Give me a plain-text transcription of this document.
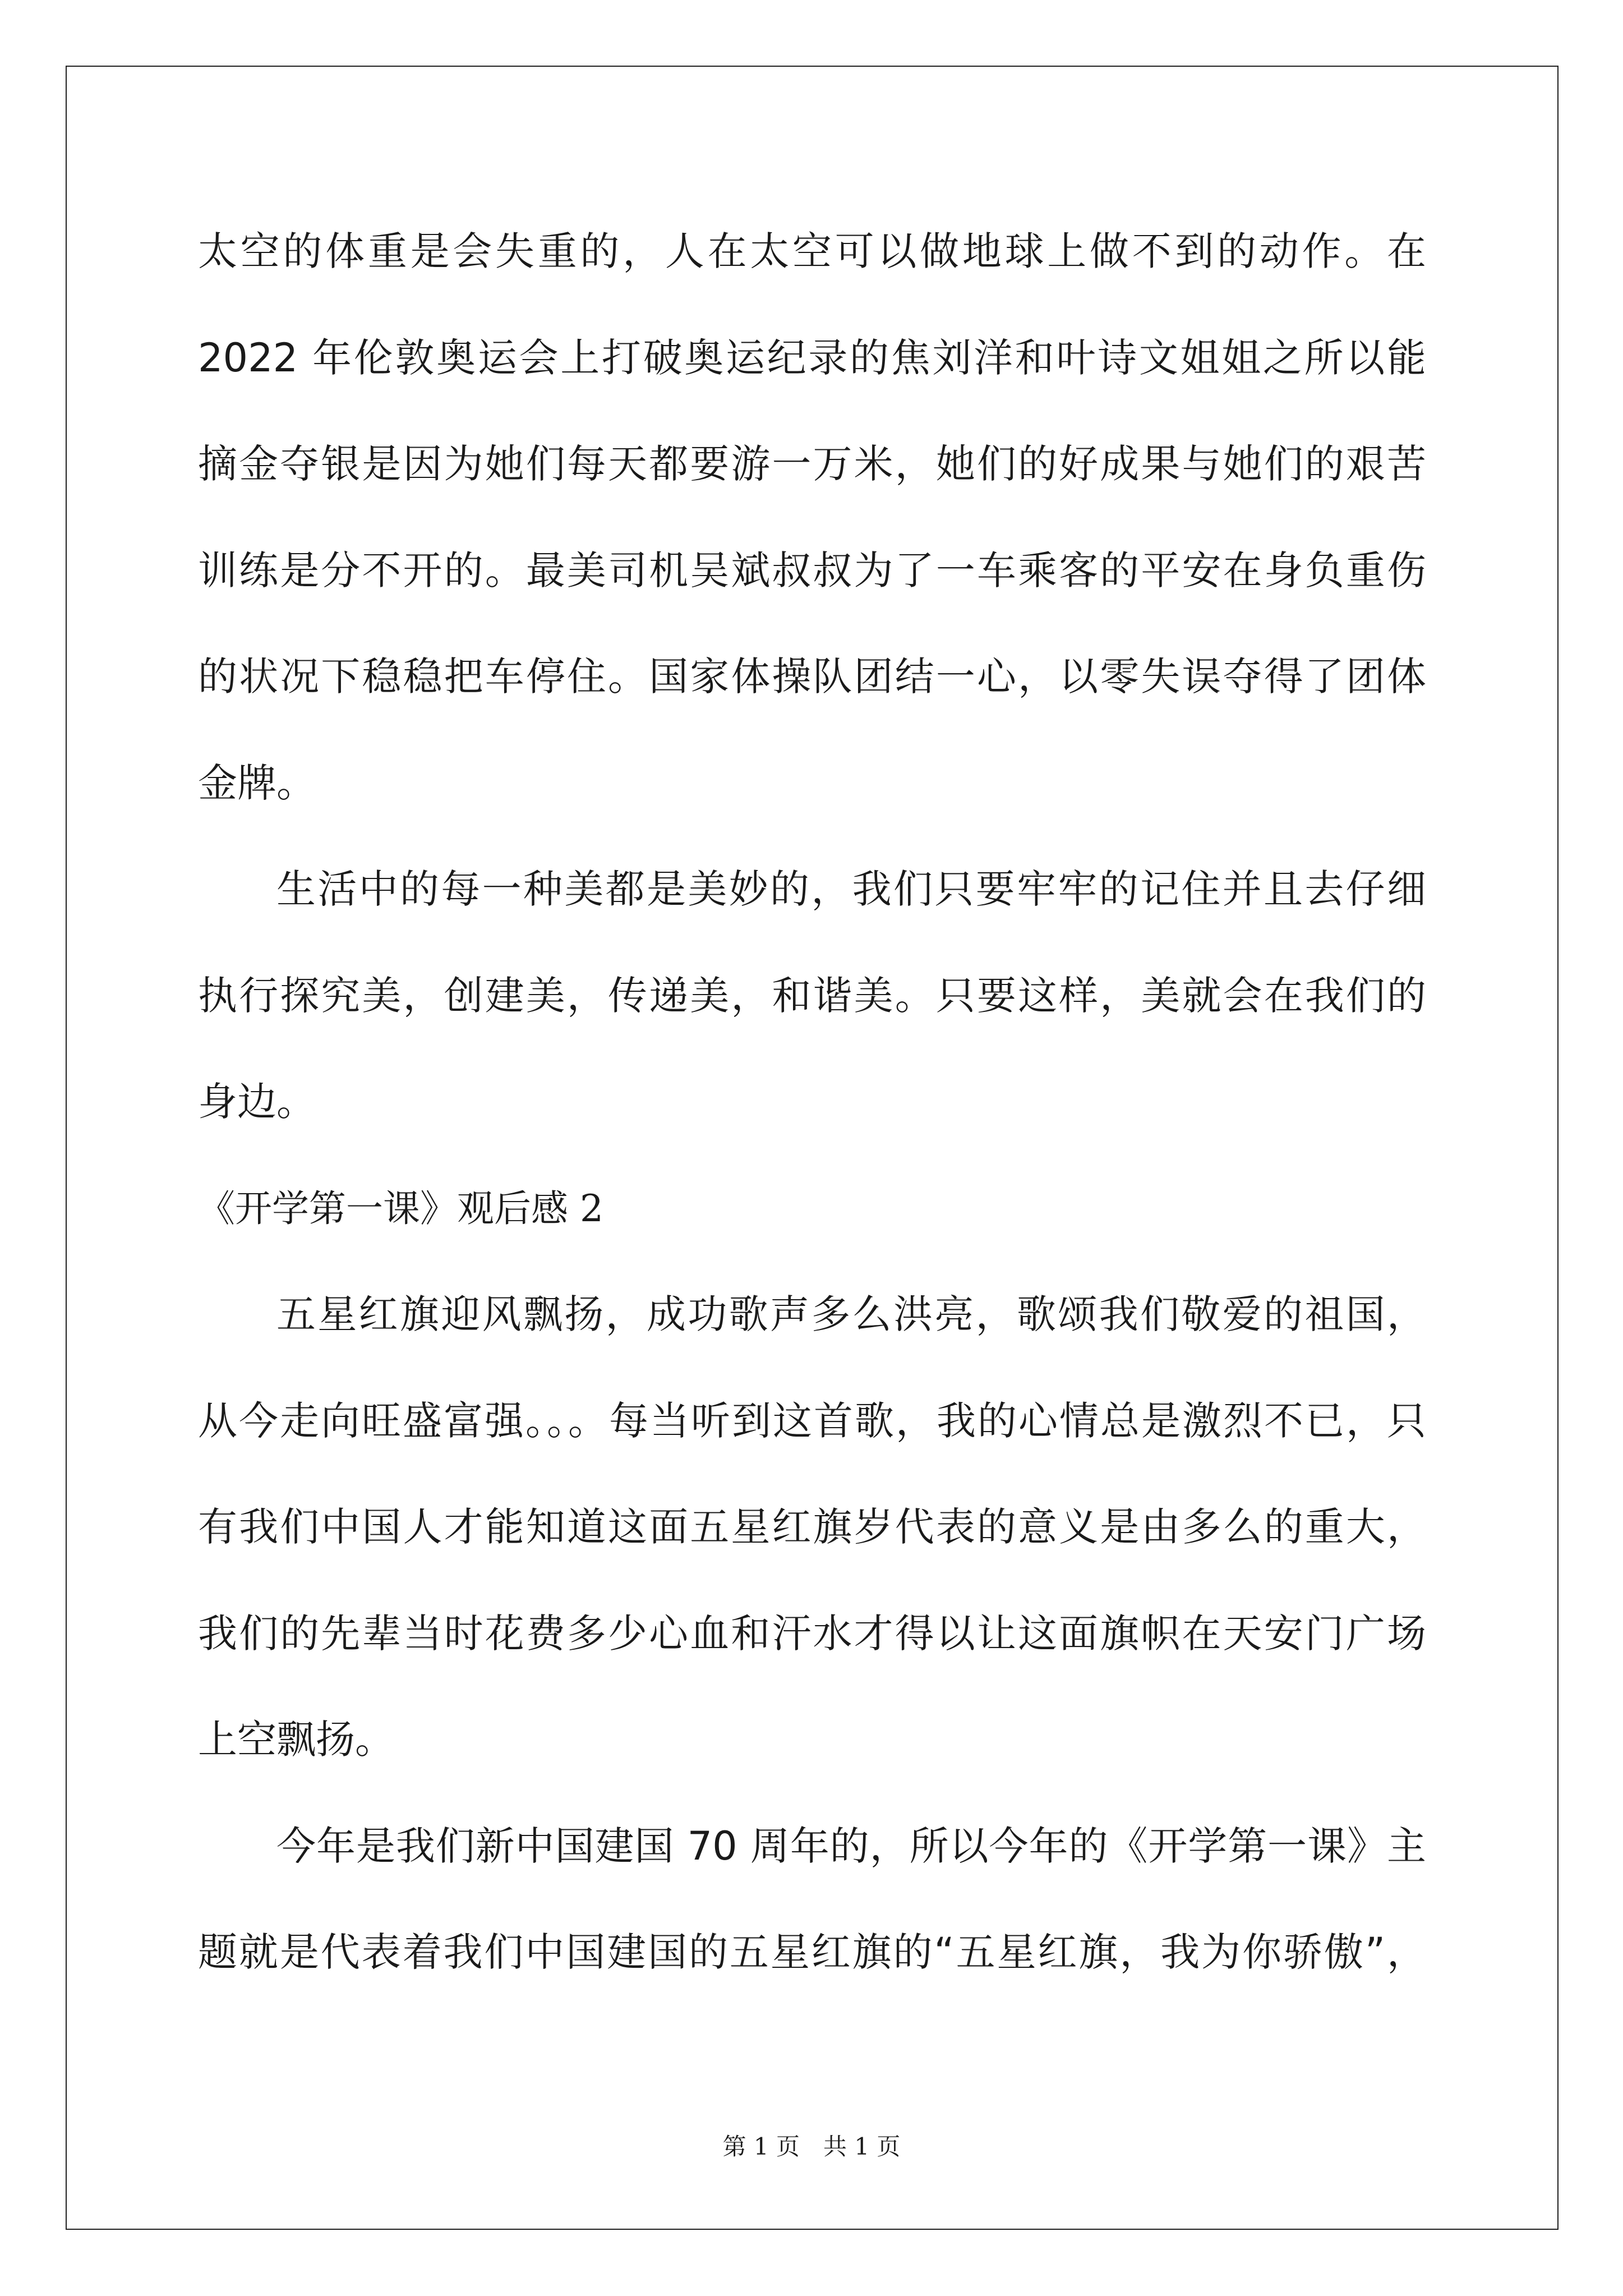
太空的体重是会失重的，人在太空可以做地球上做不到的动作。在
2022 年伦敦奥运会上打破奥运纪录的焦刘洋和叶诗文姐姐之所以能
摘金夺银是因为她们每天都要游一万米，她们的好成果与她们的艰苦
训练是分不开的。最美司机吴斌叔叔为了一车乘客的平安在身负重伤
的状况下稳稳把车停住。国家体操队团结一心，以零失误夺得了团体
金牌。
生活中的每一种美都是美妙的，我们只要牢牢的记住并且去仔细
执行探究美，创建美，传递美，和谐美。只要这样，美就会在我们的
身边。
《开学第一课》观后感 2
五星红旗迎风飘扬，成功歌声多么洪亮，歌颂我们敬爱的祖国，
从今走向旺盛富强。。。每当听到这首歌，我的心情总是激烈不已，只
有我们中国人才能知道这面五星红旗岁代表的意义是由多么的重大，
我们的先辈当时花费多少心血和汗水才得以让这面旗帜在天安门广场
上空飘扬。
今年是我们新中国建国 70 周年的，所以今年的《开学第一课》主
题就是代表着我们中国建国的五星红旗的“五星红旗，我为你骄傲”，
第 1 页　共 1 页
